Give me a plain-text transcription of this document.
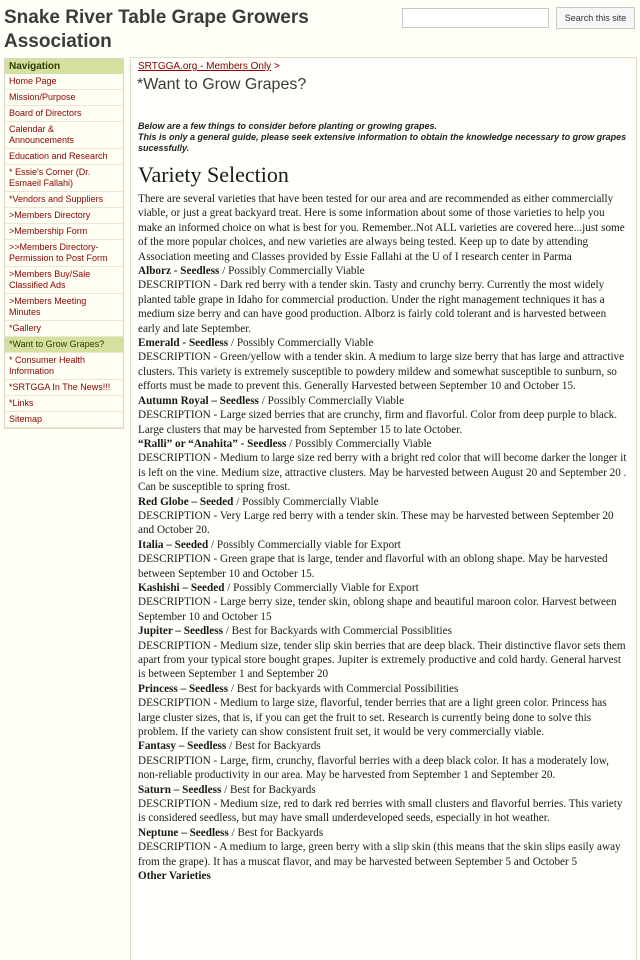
Snake River Table Grape Growers Association
Search this site
Navigation
Home Page
Mission/Purpose
Board of Directors
Calendar & Announcements
Education and Research
* Essie's Corner (Dr. Esmaeil Fallahi)
*Vendors and Suppliers
>Members Directory
>Membership Form
>>Members Directory-Permission to Post Form
>Members Buy/Sale Classified Ads
>Members Meeting Minutes
*Gallery
*Want to Grow Grapes?
* Consumer Health Information
*SRTGGA In The News!!!
*Links
Sitemap
SRTGGA.org - Members Only >
*Want to Grow Grapes?

Below are a few things to consider before planting or growing grapes.
This is only a general guide, please seek extensive information to obtain the knowledge necessary to grow grapes sucessfully.

Variety Selection

There are several varieties that have been tested for our area and are recommended as either commercially viable, or just a great backyard treat. Here is some information about some of those varieties to help you make an informed choice on what is best for you. Remember..Not ALL varieties are covered here...just some of the more popular choices, and new varieties are always being tested. Keep up to date by attending Association meeting and Classes provided by Essie Fallahi at the U of I research center in Parma

Alborz - Seedless / Possibly Commercially Viable

DESCRIPTION - Dark red berry with a tender skin. Tasty and crunchy berry. Currently the most widely planted table grape in Idaho for commercial production. Under the right management techniques it has a medium size berry and can have good production. Alborz is fairly cold tolerant and is harvested between early and late September.

Emerald - Seedless / Possibly Commercially Viable

DESCRIPTION - Green/yellow with a tender skin. A medium to large size berry that has large and attractive clusters. This variety is extremely susceptible to powdery mildew and somewhat susceptible to sunburn, so efforts must be made to prevent this. Generally Harvested between September 10 and October 15.

Autumn Royal – Seedless / Possibly Commercially Viable

DESCRIPTION - Large sized berries that are crunchy, firm and flavorful. Color from deep purple to black. Large clusters that may be harvested from September 15 to late October.

“Ralli” or “Anahita” - Seedless / Possibly Commercially Viable

DESCRIPTION - Medium to large size red berry with a bright red color that will become darker the longer it is left on the vine. Medium size, attractive clusters. May be harvested between August 20 and September 20 . Can be susceptible to spring frost.

Red Globe – Seeded / Possibly Commercially Viable

DESCRIPTION - Very Large red berry with a tender skin. These may be harvested between September 20 and October 20.

Italia – Seeded / Possibly Commercially viable for Export

DESCRIPTION - Green grape that is large, tender and flavorful with an oblong shape. May be harvested between September 10 and October 15.

Kashishi – Seeded / Possibly Commercially Viable for Export

DESCRIPTION - Large berry size, tender skin, oblong shape and beautiful maroon color. Harvest between September 10 and October 15

Jupiter – Seedless / Best for Backyards with Commercial Possiblities

DESCRIPTION - Medium size, tender slip skin berries that are deep black. Their distinctive flavor sets them apart from your typical store bought grapes. Jupiter is extremely productive and cold hardy. General harvest is between September 1 and September 20

Princess – Seedless / Best for backyards with Commercial Possibilities

DESCRIPTION - Medium to large size, flavorful, tender berries that are a light green color. Princess has large cluster sizes, that is, if you can get the fruit to set. Research is currently being done to solve this problem. If the variety can show consistent fruit set, it would be very commercially viable.

Fantasy – Seedless / Best for Backyards

DESCRIPTION - Large, firm, crunchy, flavorful berries with a deep black color. It has a moderately low, non-reliable productivity in our area. May be harvested from September 1 and September 20.

Saturn – Seedless / Best for Backyards

DESCRIPTION - Medium size, red to dark red berries with small clusters and flavorful berries. This variety is considered seedless, but may have small underdeveloped seeds, especially in hot weather.

Neptune – Seedless / Best for Backyards

DESCRIPTION - A medium to large, green berry with a slip skin (this means that the skin slips easily away from the grape). It has a muscat flavor, and may be harvested between September 5 and October 5

Other Varieties
